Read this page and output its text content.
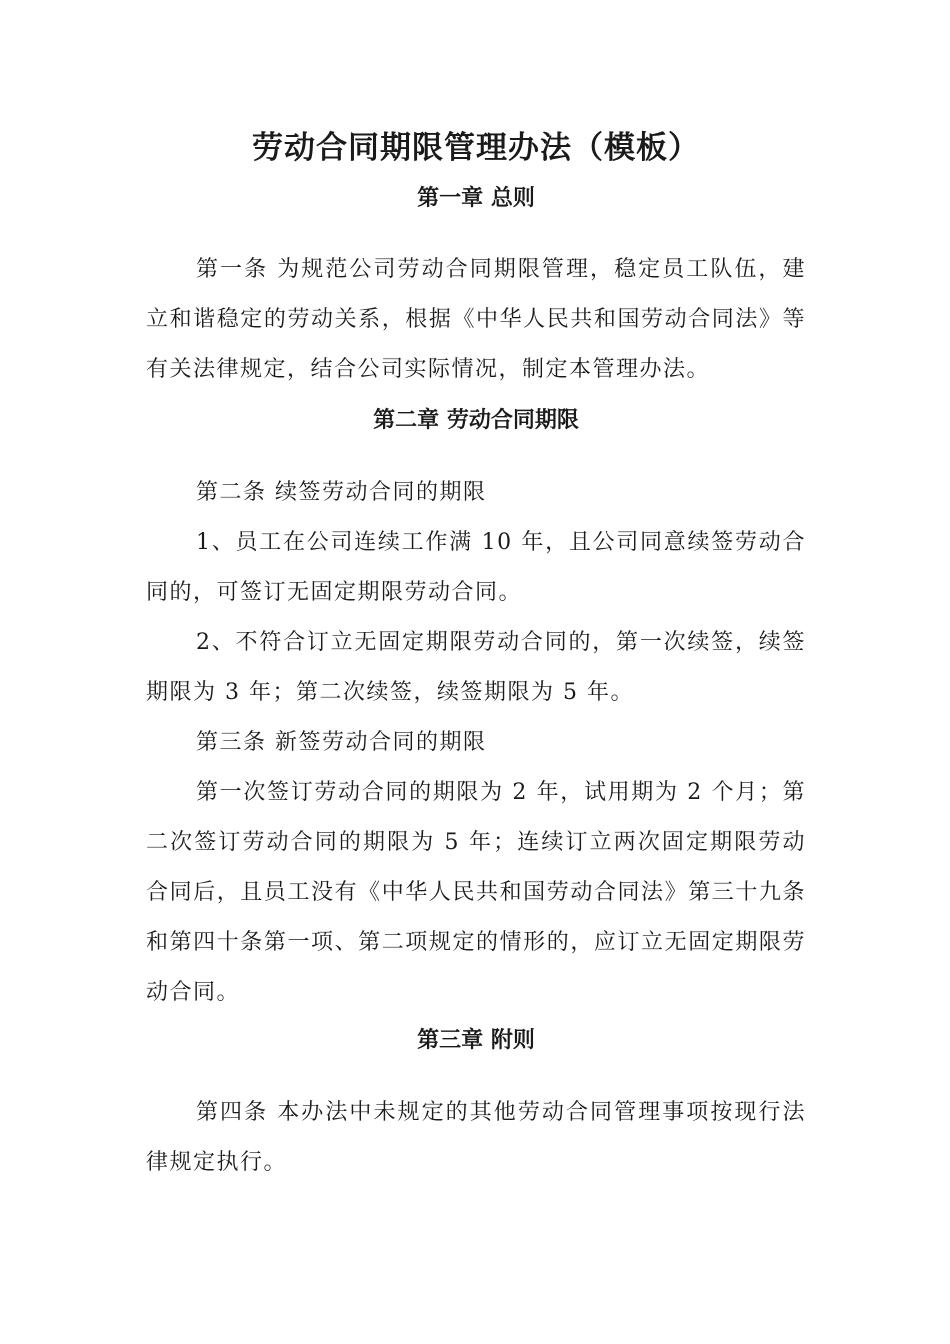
劳动合同期限管理办法（模板）
第一章 总则
第一条 为规范公司劳动合同期限管理，稳定员工队伍，建立和谐稳定的劳动关系，根据《中华人民共和国劳动合同法》等有关法律规定，结合公司实际情况，制定本管理办法。
第二章 劳动合同期限
第二条 续签劳动合同的期限
1、员工在公司连续工作满 10 年，且公司同意续签劳动合同的，可签订无固定期限劳动合同。
2、不符合订立无固定期限劳动合同的，第一次续签，续签期限为 3 年；第二次续签，续签期限为 5 年。
第三条 新签劳动合同的期限
第一次签订劳动合同的期限为 2 年，试用期为 2 个月；第二次签订劳动合同的期限为 5 年；连续订立两次固定期限劳动合同后，且员工没有《中华人民共和国劳动合同法》第三十九条和第四十条第一项、第二项规定的情形的，应订立无固定期限劳动合同。
第三章 附则
第四条 本办法中未规定的其他劳动合同管理事项按现行法律规定执行。
